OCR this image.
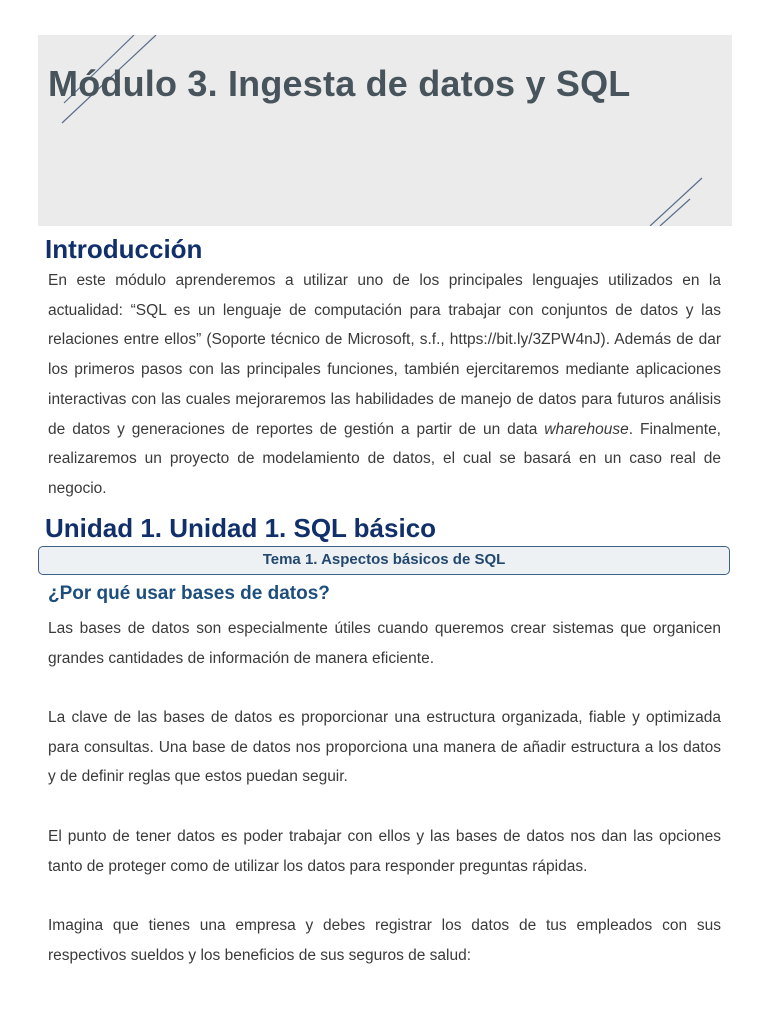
Módulo 3. Ingesta de datos y SQL
Introducción

En este módulo aprenderemos a utilizar uno de los principales lenguajes utilizados en la actualidad: “SQL es un lenguaje de computación para trabajar con conjuntos de datos y las relaciones entre ellos” (Soporte técnico de Microsoft, s.f., https://bit.ly/3ZPW4nJ). Además de dar los primeros pasos con las principales funciones, también ejercitaremos mediante aplicaciones interactivas con las cuales mejoraremos las habilidades de manejo de datos para futuros análisis de datos y generaciones de reportes de gestión a partir de un data wharehouse. Finalmente, realizaremos un proyecto de modelamiento de datos, el cual se basará en un caso real de negocio.

Unidad 1. Unidad 1. SQL básico
Tema 1. Aspectos básicos de SQL
¿Por qué usar bases de datos?

Las bases de datos son especialmente útiles cuando queremos crear sistemas que organicen grandes cantidades de información de manera eficiente.

La clave de las bases de datos es proporcionar una estructura organizada, fiable y optimizada para consultas. Una base de datos nos proporciona una manera de añadir estructura a los datos y de definir reglas que estos puedan seguir.

El punto de tener datos es poder trabajar con ellos y las bases de datos nos dan las opciones tanto de proteger como de utilizar los datos para responder preguntas rápidas.

Imagina que tienes una empresa y debes registrar los datos de tus empleados con sus respectivos sueldos y los beneficios de sus seguros de salud:
